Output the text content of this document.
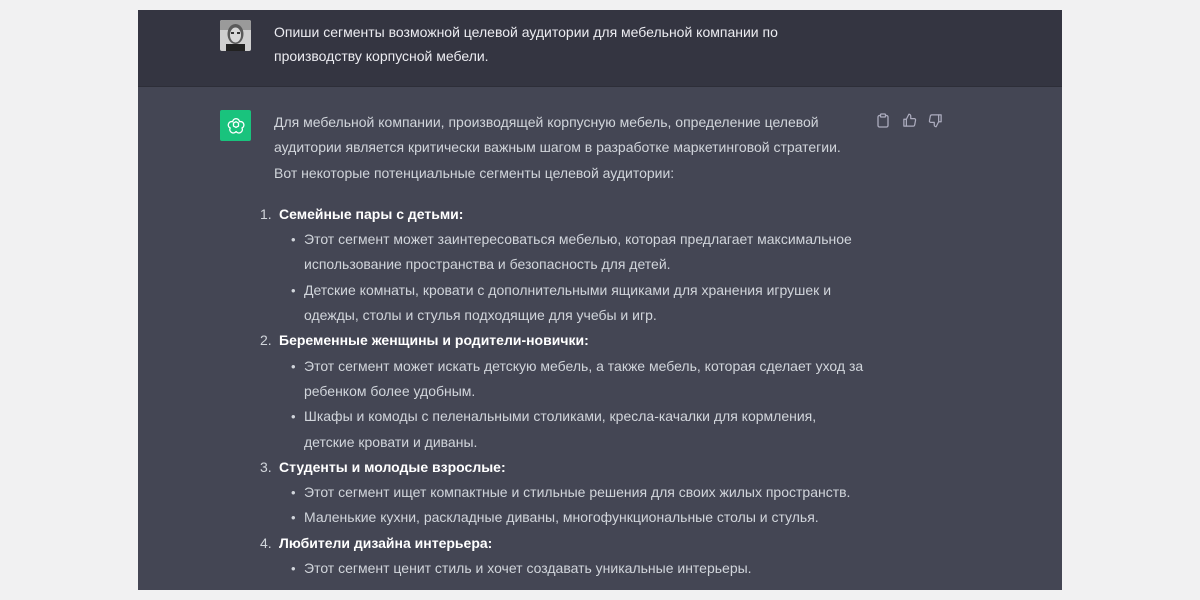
Опиши сегменты возможной целевой аудитории для мебельной компании по производству корпусной мебели.

Для мебельной компании, производящей корпусную мебель, определение целевой аудитории является критически важным шагом в разработке маркетинговой стратегии. Вот некоторые потенциальные сегменты целевой аудитории:

1. Семейные пары с детьми:
• Этот сегмент может заинтересоваться мебелью, которая предлагает максимальное использование пространства и безопасность для детей.
• Детские комнаты, кровати с дополнительными ящиками для хранения игрушек и одежды, столы и стулья подходящие для учебы и игр.
2. Беременные женщины и родители-новички:
• Этот сегмент может искать детскую мебель, а также мебель, которая сделает уход за ребенком более удобным.
• Шкафы и комоды с пеленальными столиками, кресла-качалки для кормления, детские кровати и диваны.
3. Студенты и молодые взрослые:
• Этот сегмент ищет компактные и стильные решения для своих жилых пространств.
• Маленькие кухни, раскладные диваны, многофункциональные столы и стулья.
4. Любители дизайна интерьера:
• Этот сегмент ценит стиль и хочет создавать уникальные интерьеры.
